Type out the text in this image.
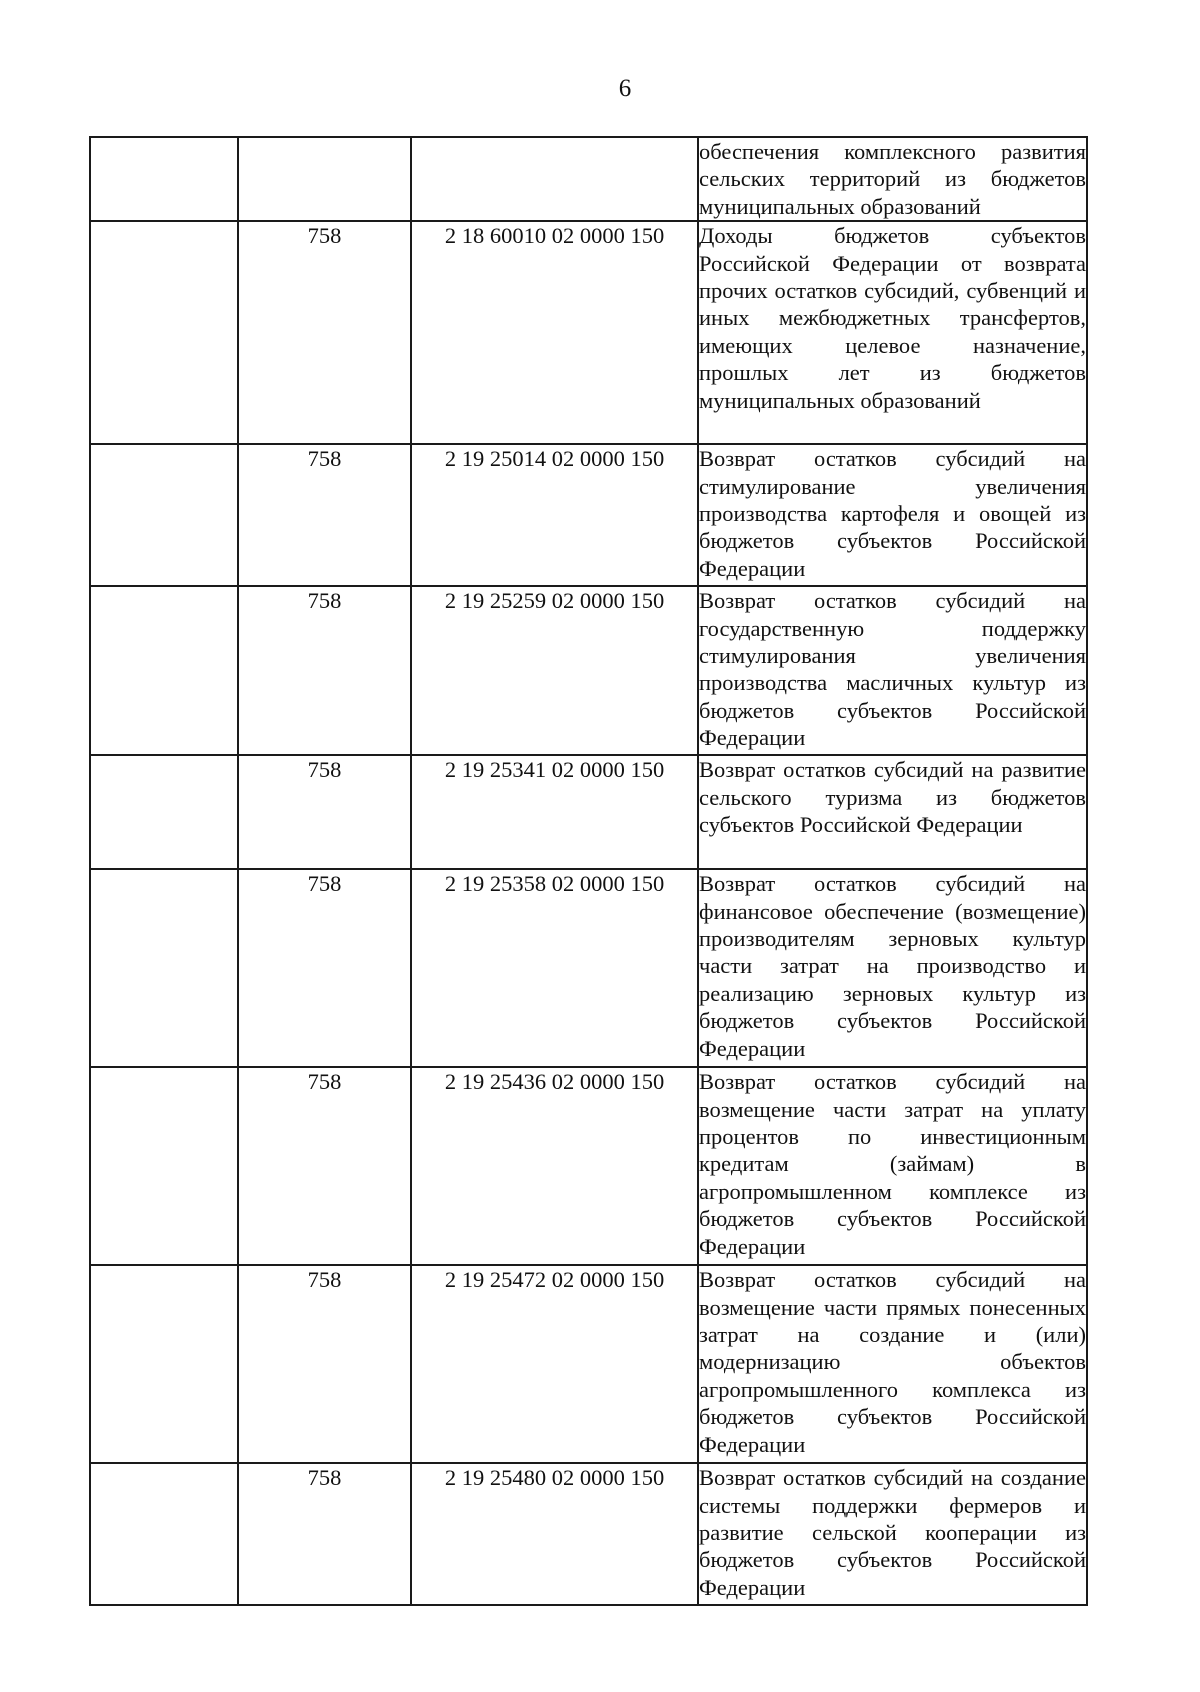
6
			обеспечения комплексного развития сельских территорий из бюджетов муниципальных образований
	758	2 18 60010 02 0000 150	Доходы бюджетов субъектов Российской Федерации от возврата прочих остатков субсидий, субвенций и иных межбюджетных трансфертов, имеющих целевое назначение, прошлых лет из бюджетов муниципальных образований
	758	2 19 25014 02 0000 150	Возврат остатков субсидий на стимулирование увеличения производства картофеля и овощей из бюджетов субъектов Российской Федерации
	758	2 19 25259 02 0000 150	Возврат остатков субсидий на государственную поддержку стимулирования увеличения производства масличных культур из бюджетов субъектов Российской Федерации
	758	2 19 25341 02 0000 150	Возврат остатков субсидий на развитие сельского туризма из бюджетов субъектов Российской Федерации
	758	2 19 25358 02 0000 150	Возврат остатков субсидий на финансовое обеспечение (возмещение) производителям зерновых культур части затрат на производство и реализацию зерновых культур из бюджетов субъектов Российской Федерации
	758	2 19 25436 02 0000 150	Возврат остатков субсидий на возмещение части затрат на уплату процентов по инвестиционным кредитам (займам) в агропромышленном комплексе из бюджетов субъектов Российской Федерации
	758	2 19 25472 02 0000 150	Возврат остатков субсидий на возмещение части прямых понесенных затрат на создание и (или) модернизацию объектов агропромышленного комплекса из бюджетов субъектов Российской Федерации
	758	2 19 25480 02 0000 150	Возврат остатков субсидий на создание системы поддержки фермеров и развитие сельской кооперации из бюджетов субъектов Российской Федерации
